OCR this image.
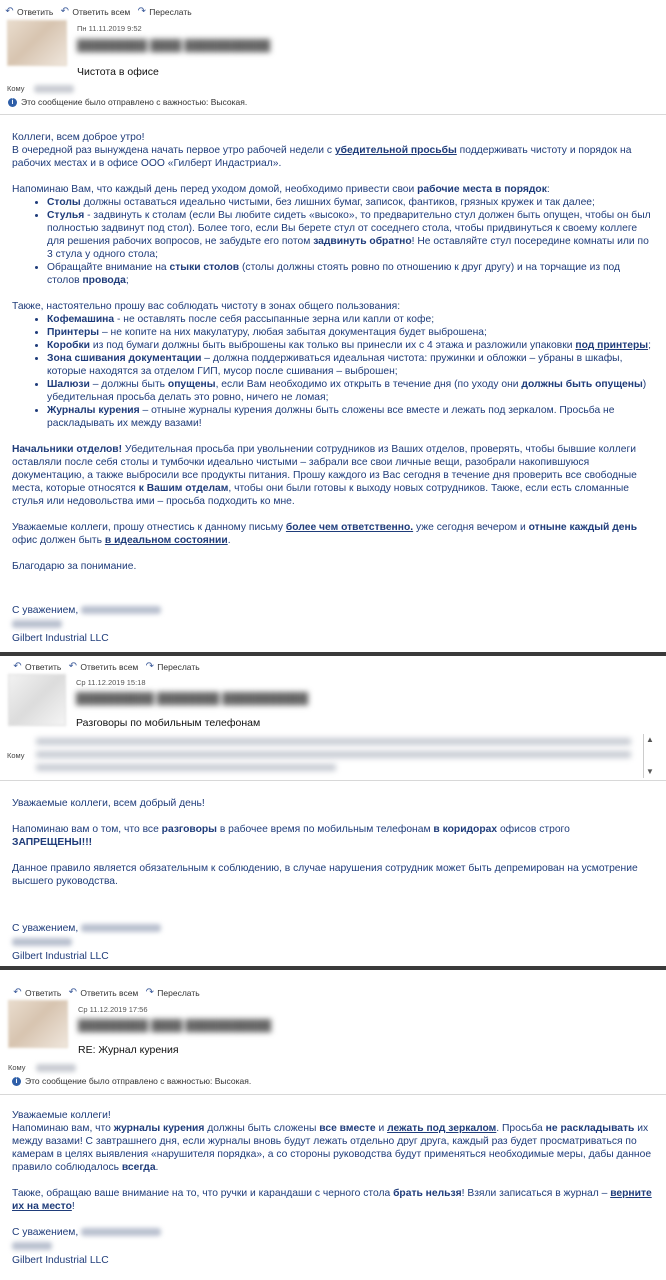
↶ Ответить ↶ Ответить всем ↷ Переслать
Пн 11.11.2019 9:52
█████████ ████ ███████████
Чистота в офисе
Кому
i Это сообщение было отправлено с важностью: Высокая.

Коллеги, всем доброе утро!

В очередной раз вынуждена начать первое утро рабочей недели с убедительной просьбы поддерживать чистоту и порядок на рабочих местах и в офисе ООО «Гилберт Индастриал».

Напоминаю Вам, что каждый день перед уходом домой, необходимо привести свои рабочие места в порядок:

• Столы должны оставаться идеально чистыми, без лишних бумаг, записок, фантиков, грязных кружек и так далее;
• Стулья - задвинуть к столам (если Вы любите сидеть «высоко», то предварительно стул должен быть опущен, чтобы он был полностью задвинут под стол). Более того, если Вы берете стул от соседнего стола, чтобы придвинуться к своему коллеге для решения рабочих вопросов, не забудьте его потом задвинуть обратно! Не оставляйте стул посередине комнаты или по 3 стула у одного стола;
• Обращайте внимание на стыки столов (столы должны стоять ровно по отношению к друг другу) и на торчащие из под столов провода;

Также, настоятельно прошу вас соблюдать чистоту в зонах общего пользования:

• Кофемашина - не оставлять после себя рассыпанные зерна или капли от кофе;
• Принтеры – не копите на них макулатуру, любая забытая документация будет выброшена;
• Коробки из под бумаги должны быть выброшены как только вы принесли их с 4 этажа и разложили упаковки под принтеры;
• Зона сшивания документации – должна поддерживаться идеальная чистота: пружинки и обложки – убраны в шкафы, которые находятся за отделом ГИП, мусор после сшивания – выброшен;
• Шалюзи – должны быть опущены, если Вам необходимо их открыть в течение дня (по уходу они должны быть опущены) убедительная просьба делать это ровно, ничего не ломая;
• Журналы курения – отныне журналы курения должны быть сложены все вместе и лежать под зеркалом. Просьба не раскладывать их между вазами!

Начальники отделов! Убедительная просьба при увольнении сотрудников из Ваших отделов, проверять, чтобы бывшие коллеги оставляли после себя столы и тумбочки идеально чистыми – забрали все свои личные вещи, разобрали накопившуюся документацию, а также выбросили все продукты питания. Прошу каждого из Вас сегодня в течение дня проверить все свободные места, которые относятся к Вашим отделам, чтобы они были готовы к выходу новых сотрудников. Также, если есть сломанные стулья или недовольства ими – просьба подходить ко мне.

Уважаемые коллеги, прошу отнестись к данному письму более чем ответственно. уже сегодня вечером и отныне каждый день офис должен быть в идеальном состоянии.

Благодарю за понимание.

С уважением,
Gilbert Industrial LLC
↶ Ответить ↶ Ответить всем ↷ Переслать
Ср 11.12.2019 15:18
██████████ ████████ ███████████
Разговоры по мобильным телефонам
Кому
▲
▼

Уважаемые коллеги, всем добрый день!

Напоминаю вам о том, что все разговоры в рабочее время по мобильным телефонам в коридорах офисов строго ЗАПРЕЩЕНЫ!!!

Данное правило является обязательным к соблюдению, в случае нарушения сотрудник может быть депремирован на усмотрение высшего руководства.

С уважением,
Gilbert Industrial LLC
↶ Ответить ↶ Ответить всем ↷ Переслать
Ср 11.12.2019 17:56
█████████ ████ ███████████
RE: Журнал курения
Кому
i Это сообщение было отправлено с важностью: Высокая.

Уважаемые коллеги!

Напоминаю вам, что журналы курения должны быть сложены все вместе и лежать под зеркалом. Просьба не раскладывать их между вазами! С завтрашнего дня, если журналы вновь будут лежать отдельно друг друга, каждый раз будет просматриваться по камерам в целях выявления «нарушителя порядка», а со стороны руководства будут применяться необходимые меры, дабы данное правило соблюдалось всегда.

Также, обращаю ваше внимание на то, что ручки и карандаши с черного стола брать нельзя! Взяли записаться в журнал – верните их на место!

С уважением,
Gilbert Industrial LLC
